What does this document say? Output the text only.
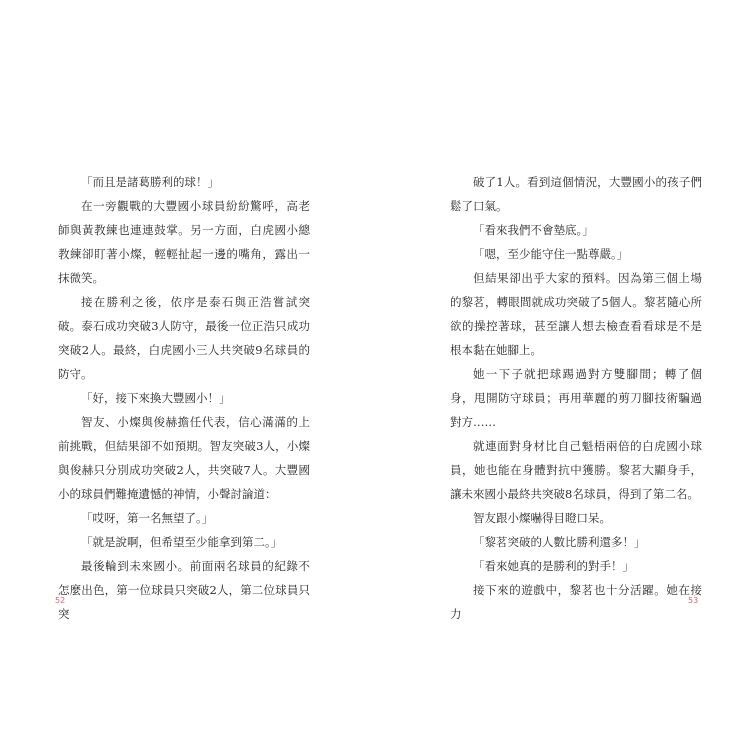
「而且是諸葛勝利的球！」

在一旁觀戰的大豐國小球員紛紛驚呼，高老師與黃教練也連連鼓掌。另一方面，白虎國小總教練卻盯著小燦，輕輕扯起一邊的嘴角，露出一抹微笑。

接在勝利之後，依序是泰石與正浩嘗試突破。泰石成功突破3人防守，最後一位正浩只成功突破2人。最終，白虎國小三人共突破9名球員的防守。

「好，接下來換大豐國小！」

智友、小燦與俊赫擔任代表，信心滿滿的上前挑戰，但結果卻不如預期。智友突破3人，小燦與俊赫只分別成功突破2人，共突破7人。大豐國小的球員們難掩遺憾的神情，小聲討論道：

「哎呀，第一名無望了。」

「就是說啊，但希望至少能拿到第二。」

最後輪到未來國小。前面兩名球員的紀錄不怎麼出色，第一位球員只突破2人，第二位球員只突

52

破了1人。看到這個情況，大豐國小的孩子們鬆了口氣。

「看來我們不會墊底。」

「嗯，至少能守住一點尊嚴。」

但結果卻出乎大家的預料。因為第三個上場的黎茗，轉眼間就成功突破了5個人。黎茗隨心所欲的操控著球，甚至讓人想去檢查看看球是不是根本黏在她腳上。

她一下子就把球踢過對方雙腳間；轉了個身，甩開防守球員；再用華麗的剪刀腳技術騙過對方……

就連面對身材比自己魁梧兩倍的白虎國小球員，她也能在身體對抗中獲勝。黎茗大顯身手，讓未來國小最終共突破8名球員，得到了第二名。

智友跟小燦嚇得目瞪口呆。

「黎茗突破的人數比勝利還多！」

「看來她真的是勝利的對手！」

接下來的遊戲中，黎茗也十分活躍。她在接力

53
